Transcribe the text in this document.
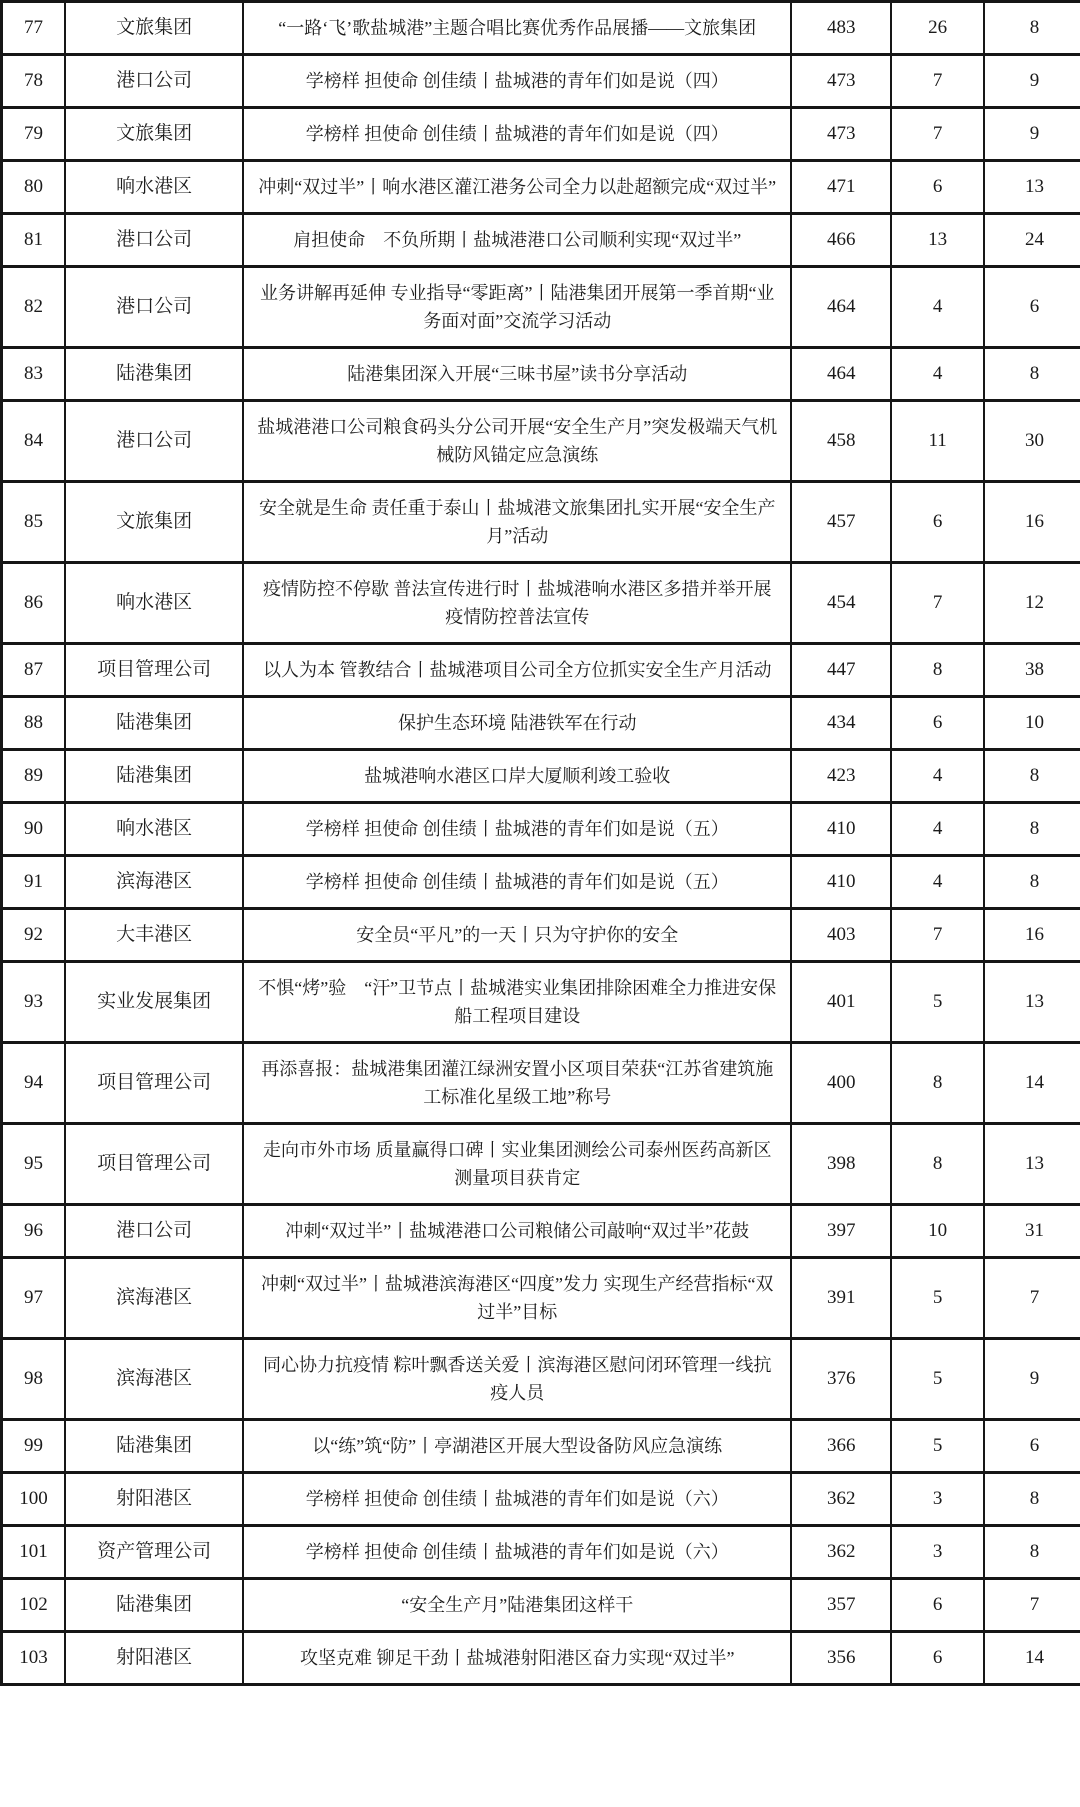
77	文旅集团	“一路‘飞’歌盐城港”主题合唱比赛优秀作品展播——文旅集团	483	26	8
78	港口公司	学榜样 担使命 创佳绩丨盐城港的青年们如是说（四）	473	7	9
79	文旅集团	学榜样 担使命 创佳绩丨盐城港的青年们如是说（四）	473	7	9
80	响水港区	冲刺“双过半”丨响水港区灌江港务公司全力以赴超额完成“双过半”	471	6	13
81	港口公司	肩担使命　不负所期丨盐城港港口公司顺利实现“双过半”	466	13	24
82	港口公司	业务讲解再延伸 专业指导“零距离”丨陆港集团开展第一季首期“业务面对面”交流学习活动	464	4	6
83	陆港集团	陆港集团深入开展“三味书屋”读书分享活动	464	4	8
84	港口公司	盐城港港口公司粮食码头分公司开展“安全生产月”突发极端天气机械防风锚定应急演练	458	11	30
85	文旅集团	安全就是生命 责任重于泰山丨盐城港文旅集团扎实开展“安全生产月”活动	457	6	16
86	响水港区	疫情防控不停歇 普法宣传进行时丨盐城港响水港区多措并举开展疫情防控普法宣传	454	7	12
87	项目管理公司	以人为本 管教结合丨盐城港项目公司全方位抓实安全生产月活动	447	8	38
88	陆港集团	保护生态环境 陆港铁军在行动	434	6	10
89	陆港集团	盐城港响水港区口岸大厦顺利竣工验收	423	4	8
90	响水港区	学榜样 担使命 创佳绩丨盐城港的青年们如是说（五）	410	4	8
91	滨海港区	学榜样 担使命 创佳绩丨盐城港的青年们如是说（五）	410	4	8
92	大丰港区	安全员“平凡”的一天丨只为守护你的安全	403	7	16
93	实业发展集团	不惧“烤”验　“汗”卫节点丨盐城港实业集团排除困难全力推进安保船工程项目建设	401	5	13
94	项目管理公司	再添喜报：盐城港集团灌江绿洲安置小区项目荣获“江苏省建筑施工标准化星级工地”称号	400	8	14
95	项目管理公司	走向市外市场 质量赢得口碑丨实业集团测绘公司泰州医药高新区测量项目获肯定	398	8	13
96	港口公司	冲刺“双过半”丨盐城港港口公司粮储公司敲响“双过半”花鼓	397	10	31
97	滨海港区	冲刺“双过半”丨盐城港滨海港区“四度”发力 实现生产经营指标“双过半”目标	391	5	7
98	滨海港区	同心协力抗疫情 粽叶飘香送关爱丨滨海港区慰问闭环管理一线抗疫人员	376	5	9
99	陆港集团	以“练”筑“防”丨亭湖港区开展大型设备防风应急演练	366	5	6
100	射阳港区	学榜样 担使命 创佳绩丨盐城港的青年们如是说（六）	362	3	8
101	资产管理公司	学榜样 担使命 创佳绩丨盐城港的青年们如是说（六）	362	3	8
102	陆港集团	“安全生产月”陆港集团这样干	357	6	7
103	射阳港区	攻坚克难 铆足干劲丨盐城港射阳港区奋力实现“双过半”	356	6	14
